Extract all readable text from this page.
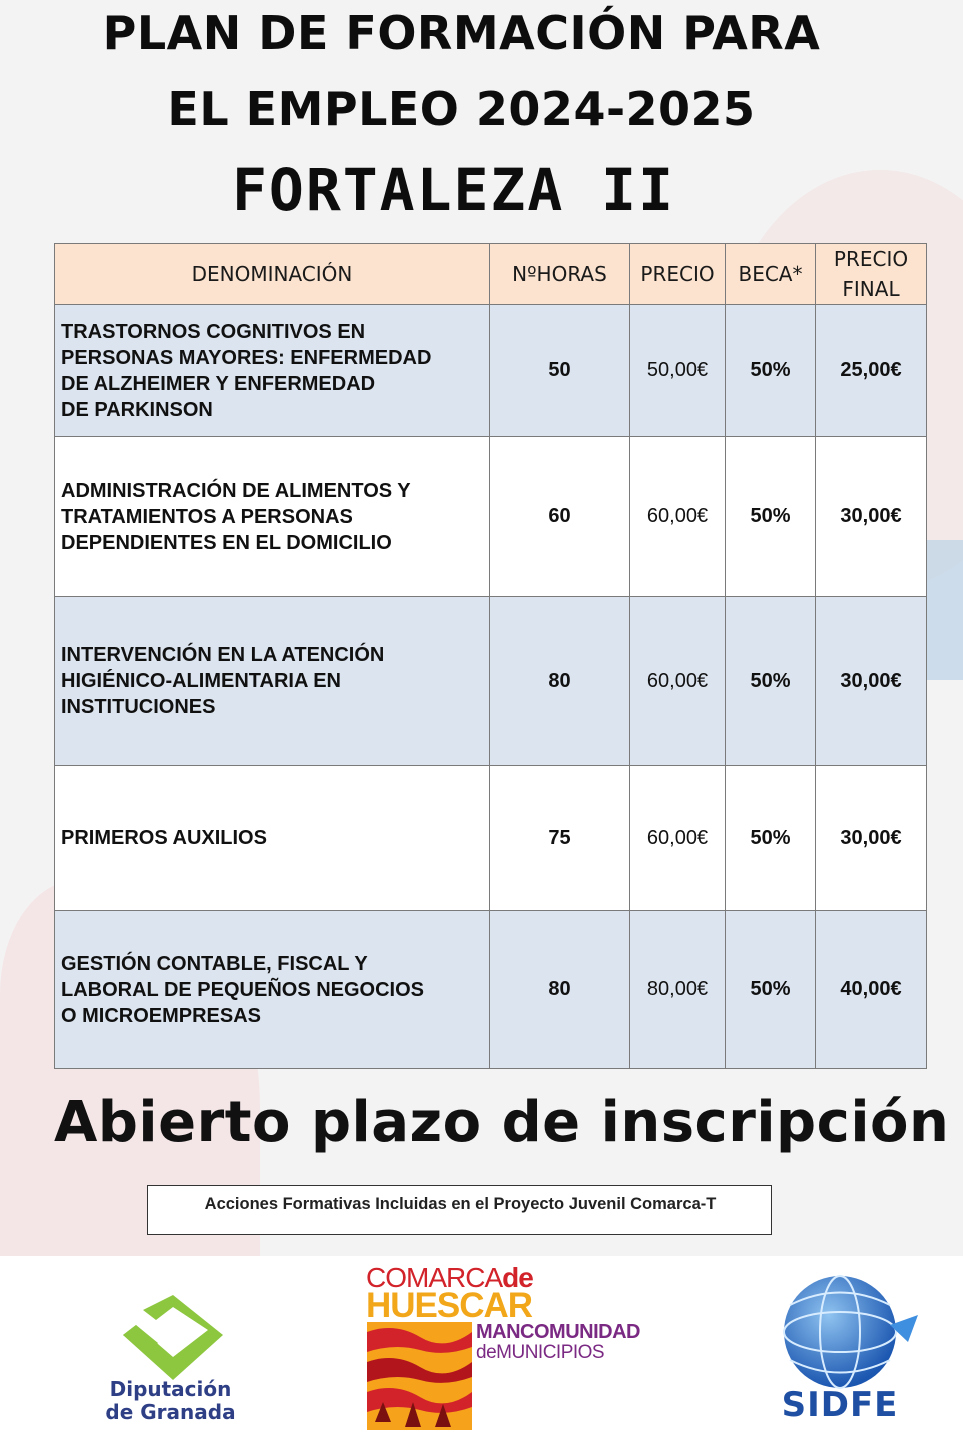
PLAN DE FORMACIÓN PARA
EL EMPLEO 2024-2025
FORTALEZA II
DENOMINACIÓN	NºHORAS	PRECIO	BECA*	PRECIO FINAL

TRASTORNOS COGNITIVOS EN
PERSONAS MAYORES: ENFERMEDAD
DE ALZHEIMER Y ENFERMEDAD
DE PARKINSON	50	50,00€	50%	25,00€

ADMINISTRACIÓN DE ALIMENTOS Y
TRATAMIENTOS A PERSONAS
DEPENDIENTES EN EL DOMICILIO	60	60,00€	50%	30,00€

INTERVENCIÓN EN LA ATENCIÓN
HIGIÉNICO-ALIMENTARIA EN
INSTITUCIONES	80	60,00€	50%	30,00€

PRIMEROS AUXILIOS	75	60,00€	50%	30,00€

GESTIÓN CONTABLE, FISCAL Y
LABORAL DE PEQUEÑOS NEGOCIOS
O MICROEMPRESAS	80	80,00€	50%	40,00€

Abierto plazo de inscripción

Acciones Formativas Incluidas en el Proyecto Juvenil Comarca-T
Diputación
de Granada
COMARCAde
HUESCAR
MANCOMUNIDAD
deMUNICIPIOS
SIDFE
